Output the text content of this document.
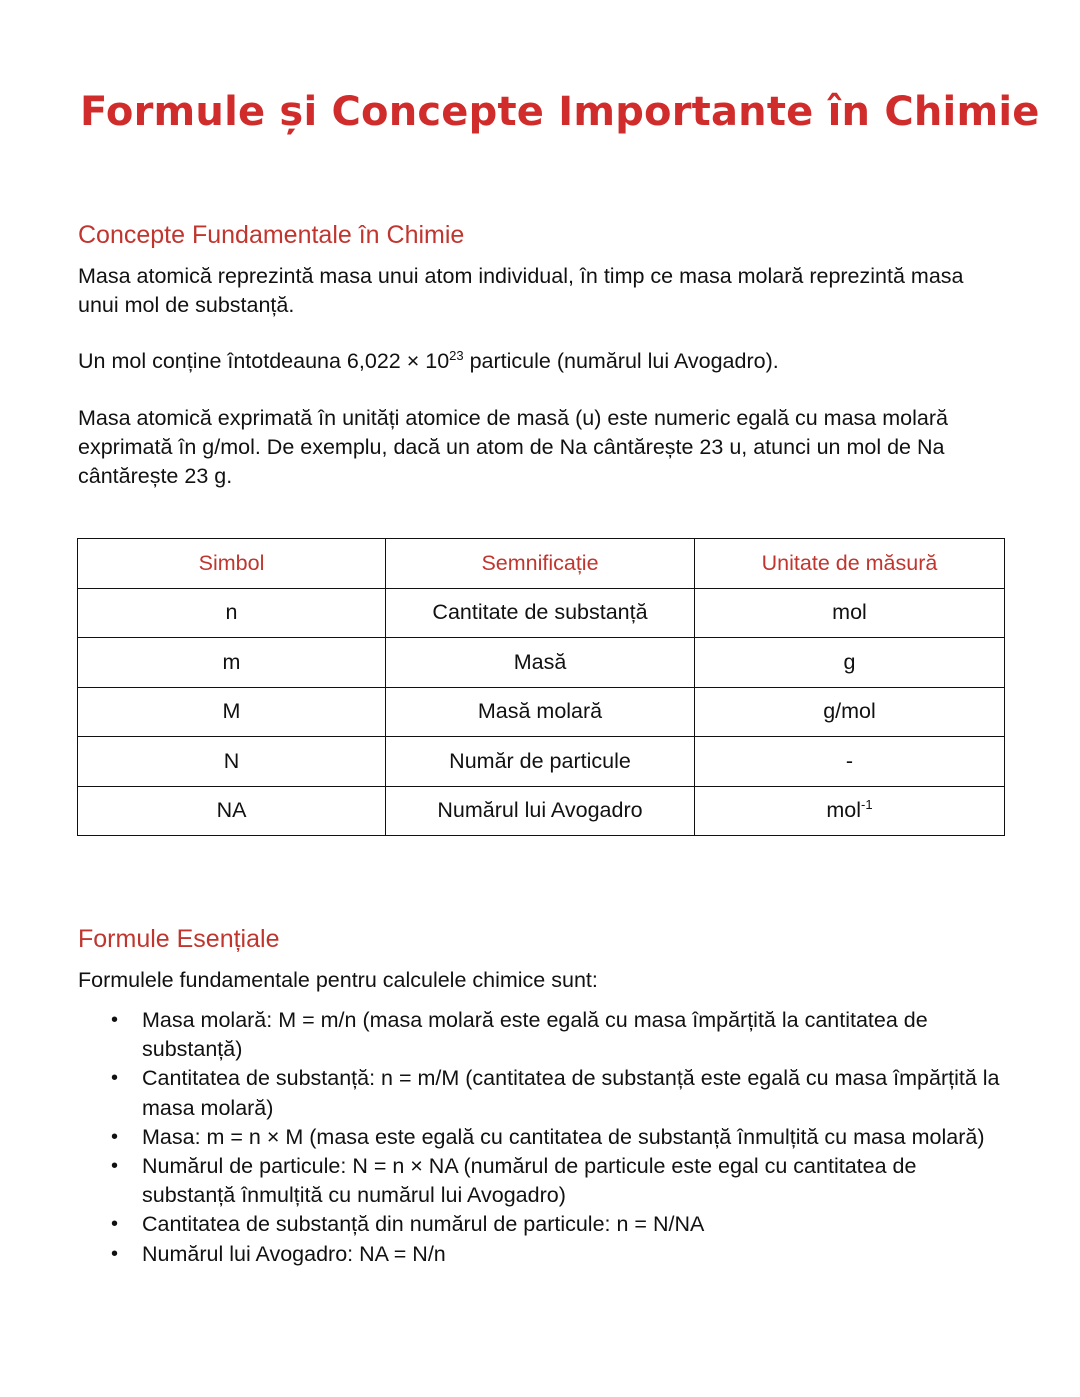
Formule și Concepte Importante în Chimie
Concepte Fundamentale în Chimie

Masa atomică reprezintă masa unui atom individual, în timp ce masa molară reprezintă masa unui mol de substanță.

Un mol conține întotdeauna $6,022 \times 10^{23}$ particule (numărul lui Avogadro).

Masa atomică exprimată în unități atomice de masă (u) este numeric egală cu masa molară exprimată în g/mol. De exemplu, dacă un atom de Na cântărește 23 u, atunci un mol de Na cântărește 23 g.

Simbol	Semnificație	Unitate de măsură
n	Cantitate de substanță	mol
m	Masă	g
M	Masă molară	g/mol
N	Număr de particule	-
NA	Numărul lui Avogadro	mol$^{-1}$
Formule Esențiale

Formulele fundamentale pentru calculele chimice sunt:

• Masa molară: M = m/n (masa molară este egală cu masa împărțită la cantitatea de substanță)
• Cantitatea de substanță: n = m/M (cantitatea de substanță este egală cu masa împărțită la masa molară)
• Masa: m = n × M (masa este egală cu cantitatea de substanță înmulțită cu masa molară)
• Numărul de particule: N = n × NA (numărul de particule este egal cu cantitatea de substanță înmulțită cu numărul lui Avogadro)
• Cantitatea de substanță din numărul de particule: n = N/NA
• Numărul lui Avogadro: NA = N/n
